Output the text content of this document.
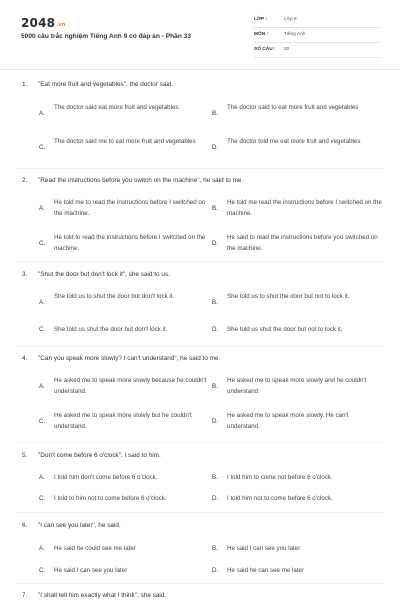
2048.vn
5000 câu trắc nghiệm Tiếng Anh 9 có đáp án - Phần 33
LỚP :	Lớp 9
MÔN :	Tiếng Anh
SỐ CÂU : 20
1. "Eat more fruit and vegetables", the doctor said.
A.
The doctor said eat more fruit and vegetables
B.
The doctor said to eat more fruit and vegetables
C.
The doctor said me to eat more fruit and vegetables
D.
The doctor told me eat more fruit and vegetables
2. "Read the instructions before you switch on the machine", he said to me.
A.
He told me to read the instructions before I switched on the machine.
B.
He told me read the instructions before I switched on the machine.
C.
He told to read the instructions before I switched on the machine.
D.
He said to read the instructions before you switched on the machine.
3. "Shut the door but don't lock it", she said to us.
A.
She told us to shut the door but don't lock it.
B.
She told us to shut the door but not to lock it.
C. She told us shut the door but don't lock it.	D. She told us shut the door but not to lock it.
4. "Can you speak more slowly? I can't understand", he said to me.
A.
He asked me to speak more slowly because he couldn't understand.
B.
He asked me to speak more slowly and he couldn't understand.
C.
He asked me to speak more slowly but he couldn't understand.
D.
He asked me to speak more slowly. He can't understand.
5. "Don't come before 6 o'clock", I said to him.
A. I told him don't come before 6 o'clock.	B. I told him to come not before 6 o'clock.
C. I told to him not to come before 6 o'clock.	D. I told him not to come before 6 o'clock.
6. "I can see you later", he said.
A. He said he could see me later	B. He said I can see you later
C. He said I can see you later	D. He said he can see me later
7. "I shall tell him exactly what I think", she said.
